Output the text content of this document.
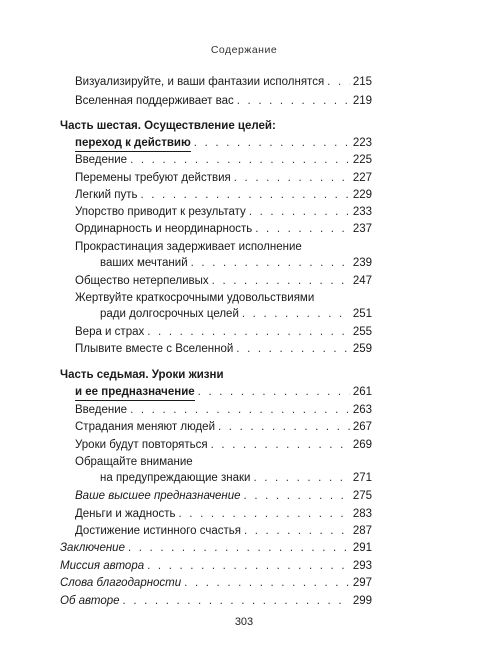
Содержание
Визуализируйте, и ваши фантазии исполнятся . . . 215
Вселенная поддерживает вас . . .	219
Часть шестая. Осуществление целей:
переход к действию . . .	223
Введение . . .	225
Перемены требуют действия . . .	227
Легкий путь . . .	229
Упорство приводит к результату . . .	233
Ординарность и неординарность . . .	237
Прокрастинация задерживает исполнение
ваших мечтаний . . .	239
Общество нетерпеливых . . .	247
Жертвуйте краткосрочными удовольствиями
ради долгосрочных целей . . .	251
Вера и страх . . .	255
Плывите вместе с Вселенной . . .	259
Часть седьмая. Уроки жизни
и ее предназначение . . .	261
Введение . . .	263
Страдания меняют людей . . .	267
Уроки будут повторяться . . .	269
Обращайте внимание
на предупреждающие знаки . . .	271
Ваше высшее предназначение . . .	275
Деньги и жадность . . .	283
Достижение истинного счастья . . .	287
Заключение . . .	291
Миссия автора . . .	293
Слова благодарности . . .	297
Об авторе . . .	299
303
